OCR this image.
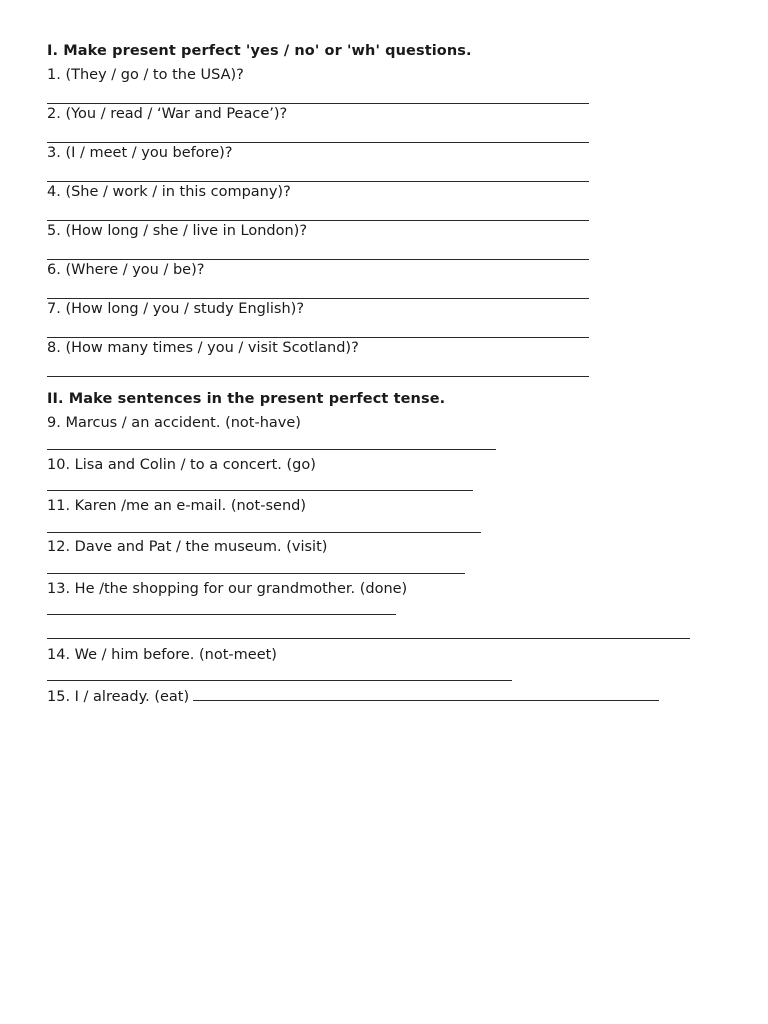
I. Make present perfect 'yes / no' or 'wh' questions.
1. (They / go / to the USA)?
2. (You / read / ‘War and Peace’)?
3. (I / meet / you before)?
4. (She / work / in this company)?
5. (How long / she / live in London)?
6. (Where / you / be)?
7. (How long / you / study English)?
8. (How many times / you / visit Scotland)?
II. Make sentences in the present perfect tense.
9. Marcus / an accident. (not-have)
10. Lisa and Colin / to a concert. (go)
11. Karen /me an e-mail. (not-send)
12. Dave and Pat / the museum. (visit)
13. He /the shopping for our grandmother. (done)
14. We / him before. (not-meet)
15. I / already. (eat)
